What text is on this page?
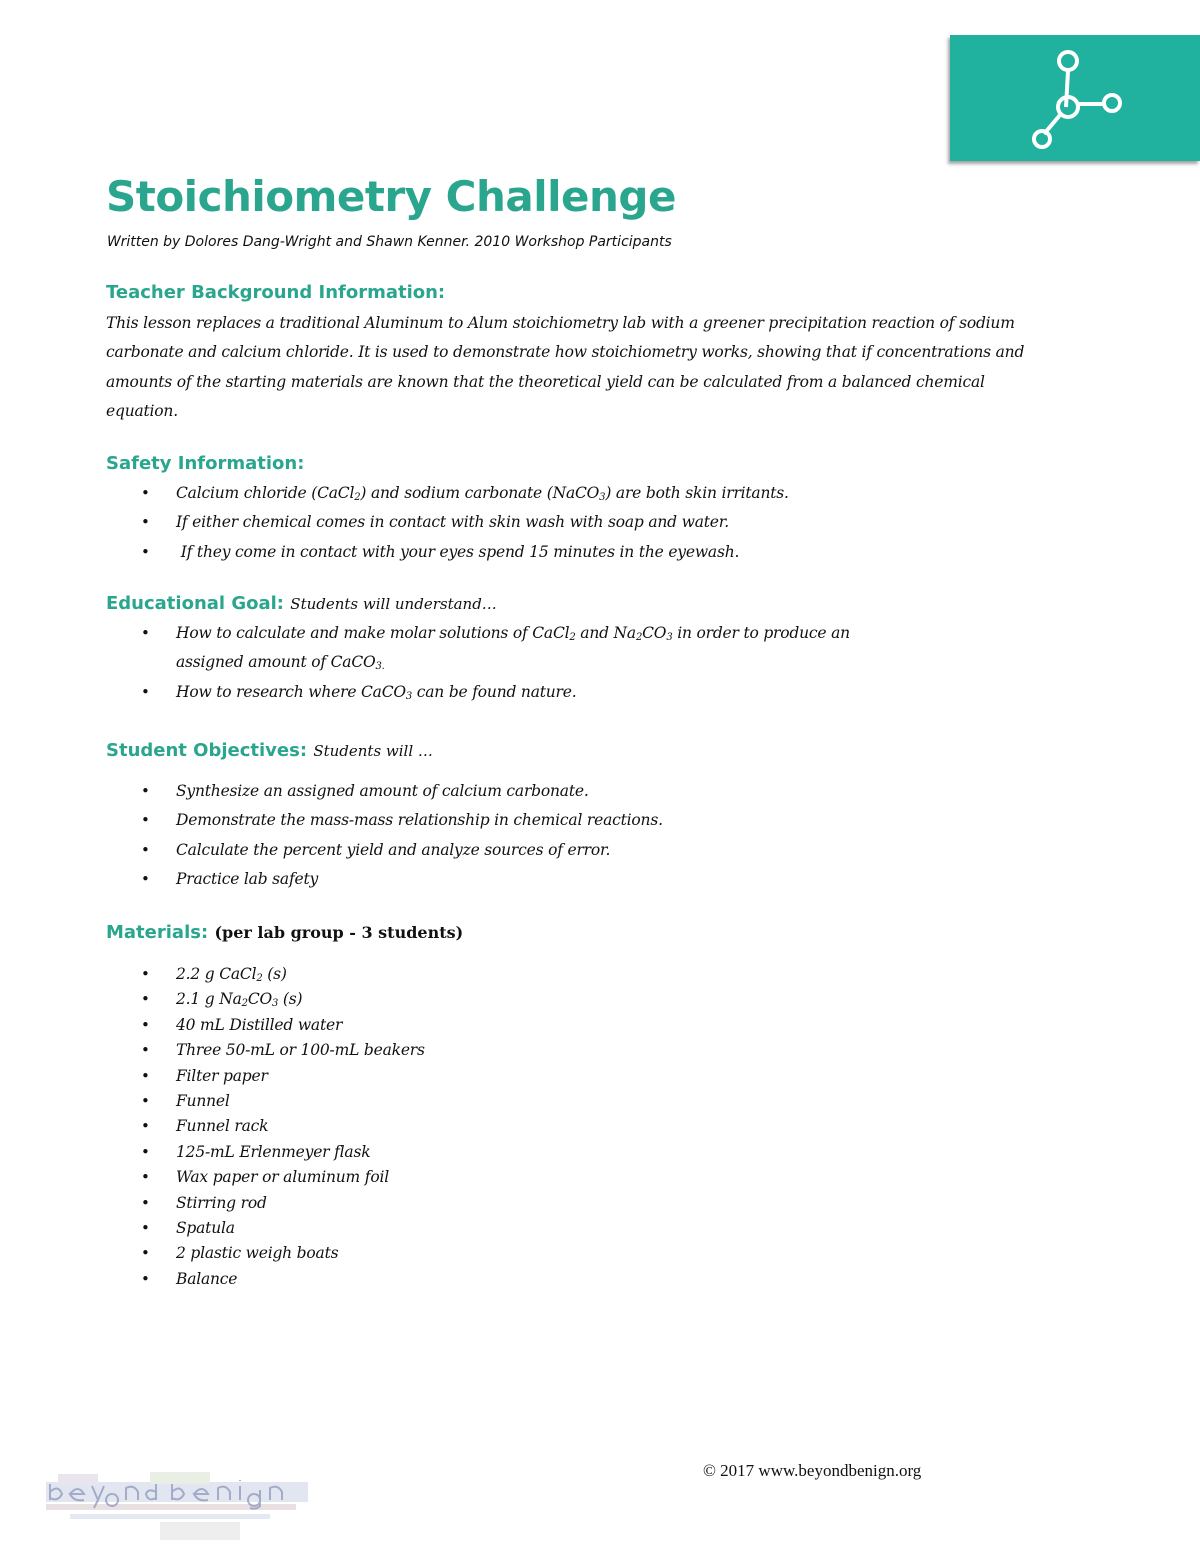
Stoichiometry Challenge

Written by Dolores Dang-Wright and Shawn Kenner. 2010 Workshop Participants

Teacher Background Information:

This lesson replaces a traditional Aluminum to Alum stoichiometry lab with a greener precipitation reaction of sodium carbonate and calcium chloride. It is used to demonstrate how stoichiometry works, showing that if concentrations and amounts of the starting materials are known that the theoretical yield can be calculated from a balanced chemical equation.

Safety Information:
• Calcium chloride (CaCl$_2$) and sodium carbonate (NaCO$_3$) are both skin irritants.
• If either chemical comes in contact with skin wash with soap and water.
•  If they come in contact with your eyes spend 15 minutes in the eyewash.
Educational Goal: Students will understand…
• How to calculate and make molar solutions of CaCl$_2$ and $Na_2CO_3$ in order to produce an
assigned amount of CaCO$_{3.}$
• How to research where CaCO$_3$ can be found nature.
Student Objectives: Students will …
• Synthesize an assigned amount of calcium carbonate.
• Demonstrate the mass-mass relationship in chemical reactions.
• Calculate the percent yield and analyze sources of error.
• Practice lab safety
Materials: (per lab group - 3 students)
• 2.2 g CaCl$_2$ (s)
• 2.1 g $Na_2CO_3$ (s)
• 40 mL Distilled water
• Three 50-mL or 100-mL beakers
• Filter paper
• Funnel
• Funnel rack
• 125-mL Erlenmeyer flask
• Wax paper or aluminum foil
• Stirring rod
• Spatula
• 2 plastic weigh boats
• Balance

© 2017 www.beyondbenign.org
